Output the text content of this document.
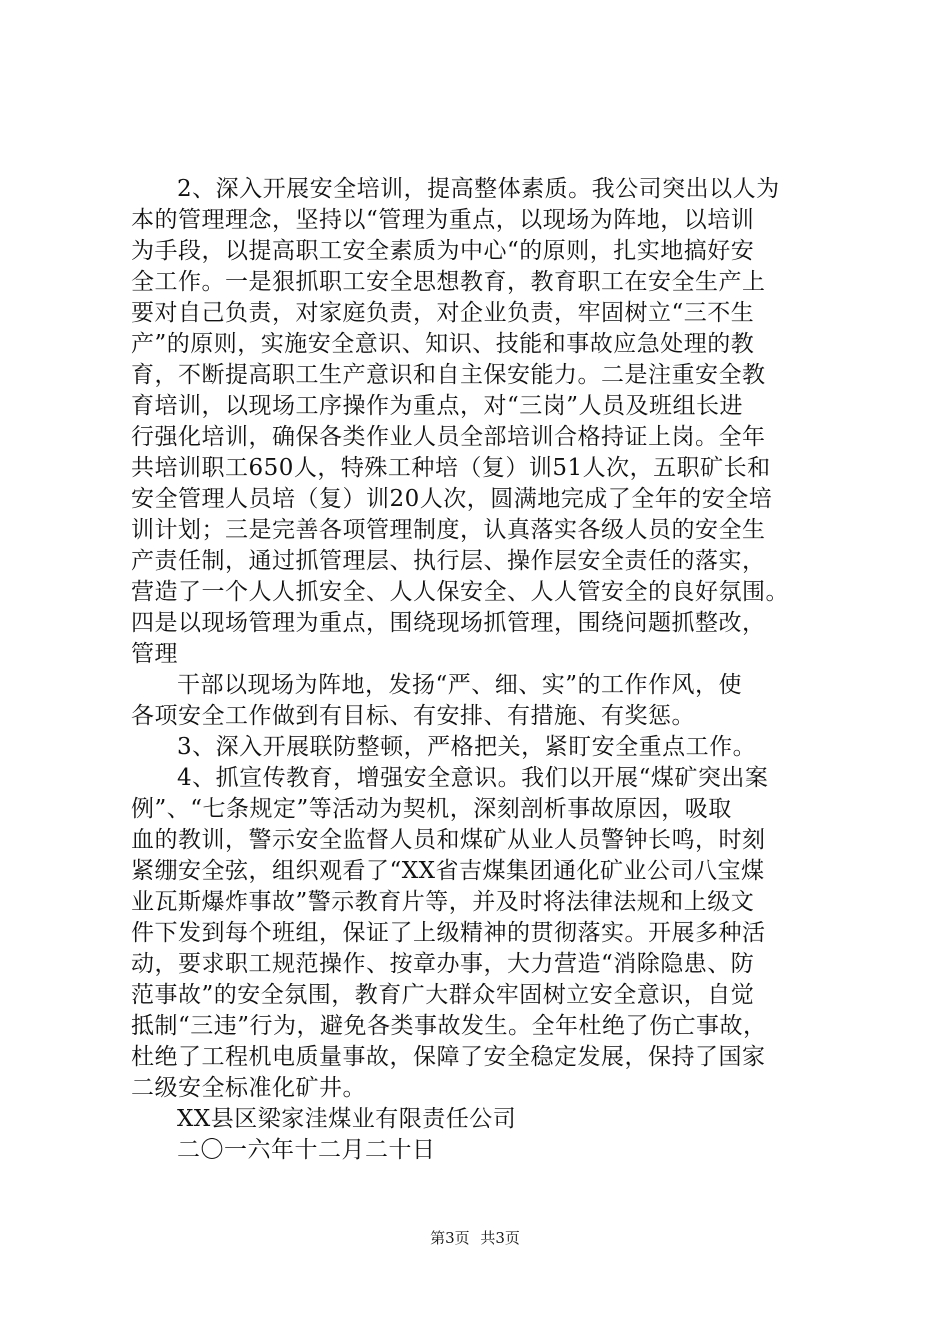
2、深入开展安全培训，提高整体素质。我公司突出以人为
本的管理理念，坚持以“管理为重点，以现场为阵地，以培训
为手段，以提高职工安全素质为中心“的原则，扎实地搞好安
全工作。一是狠抓职工安全思想教育，教育职工在安全生产上
要对自己负责，对家庭负责，对企业负责，牢固树立“三不生
产”的原则，实施安全意识、知识、技能和事故应急处理的教
育，不断提高职工生产意识和自主保安能力。二是注重安全教
育培训，以现场工序操作为重点，对“三岗”人员及班组长进
行强化培训，确保各类作业人员全部培训合格持证上岗。全年
共培训职工650人，特殊工种培（复）训51人次，五职矿长和
安全管理人员培（复）训20人次，圆满地完成了全年的安全培
训计划；三是完善各项管理制度，认真落实各级人员的安全生
产责任制，通过抓管理层、执行层、操作层安全责任的落实，
营造了一个人人抓安全、人人保安全、人人管安全的良好氛围。
四是以现场管理为重点，围绕现场抓管理，围绕问题抓整改，
管理
干部以现场为阵地，发扬“严、细、实”的工作作风，使
各项安全工作做到有目标、有安排、有措施、有奖惩。
3、深入开展联防整顿，严格把关，紧盯安全重点工作。
4、抓宣传教育，增强安全意识。我们以开展“煤矿突出案
例”、“七条规定”等活动为契机，深刻剖析事故原因，吸取
血的教训，警示安全监督人员和煤矿从业人员警钟长鸣，时刻
紧绷安全弦，组织观看了“XX省吉煤集团通化矿业公司八宝煤
业瓦斯爆炸事故”警示教育片等，并及时将法律法规和上级文
件下发到每个班组，保证了上级精神的贯彻落实。开展多种活
动，要求职工规范操作、按章办事，大力营造“消除隐患、防
范事故”的安全氛围，教育广大群众牢固树立安全意识，自觉
抵制“三违”行为，避免各类事故发生。全年杜绝了伤亡事故，
杜绝了工程机电质量事故，保障了安全稳定发展，保持了国家
二级安全标准化矿井。
XX县区梁家洼煤业有限责任公司
二〇一六年十二月二十日
第3页 共3页
